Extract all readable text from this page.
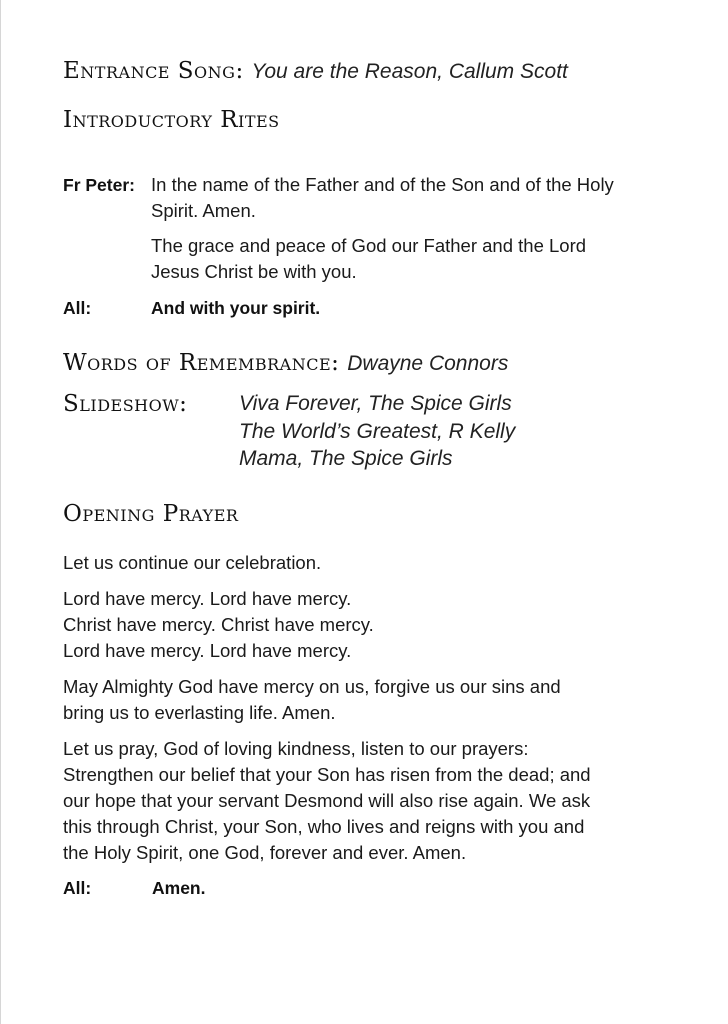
Entrance Song: You are the Reason, Callum Scott
Introductory Rites
Fr Peter: In the name of the Father and of the Son and of the Holy
Spirit. Amen.
The grace and peace of God our Father and the Lord
Jesus Christ be with you.
All:	And with your spirit.
Words of Remembrance: Dwayne Connors
Slideshow: Viva Forever, The Spice Girls
The World’s Greatest, R Kelly
Mama, The Spice Girls
Opening Prayer
Let us continue our celebration.
Lord have mercy. Lord have mercy.
Christ have mercy. Christ have mercy.
Lord have mercy. Lord have mercy.
May Almighty God have mercy on us, forgive us our sins and
bring us to everlasting life. Amen.
Let us pray, God of loving kindness, listen to our prayers:
Strengthen our belief that your Son has risen from the dead; and
our hope that your servant Desmond will also rise again. We ask
this through Christ, your Son, who lives and reigns with you and
the Holy Spirit, one God, forever and ever. Amen.
All:	Amen.
